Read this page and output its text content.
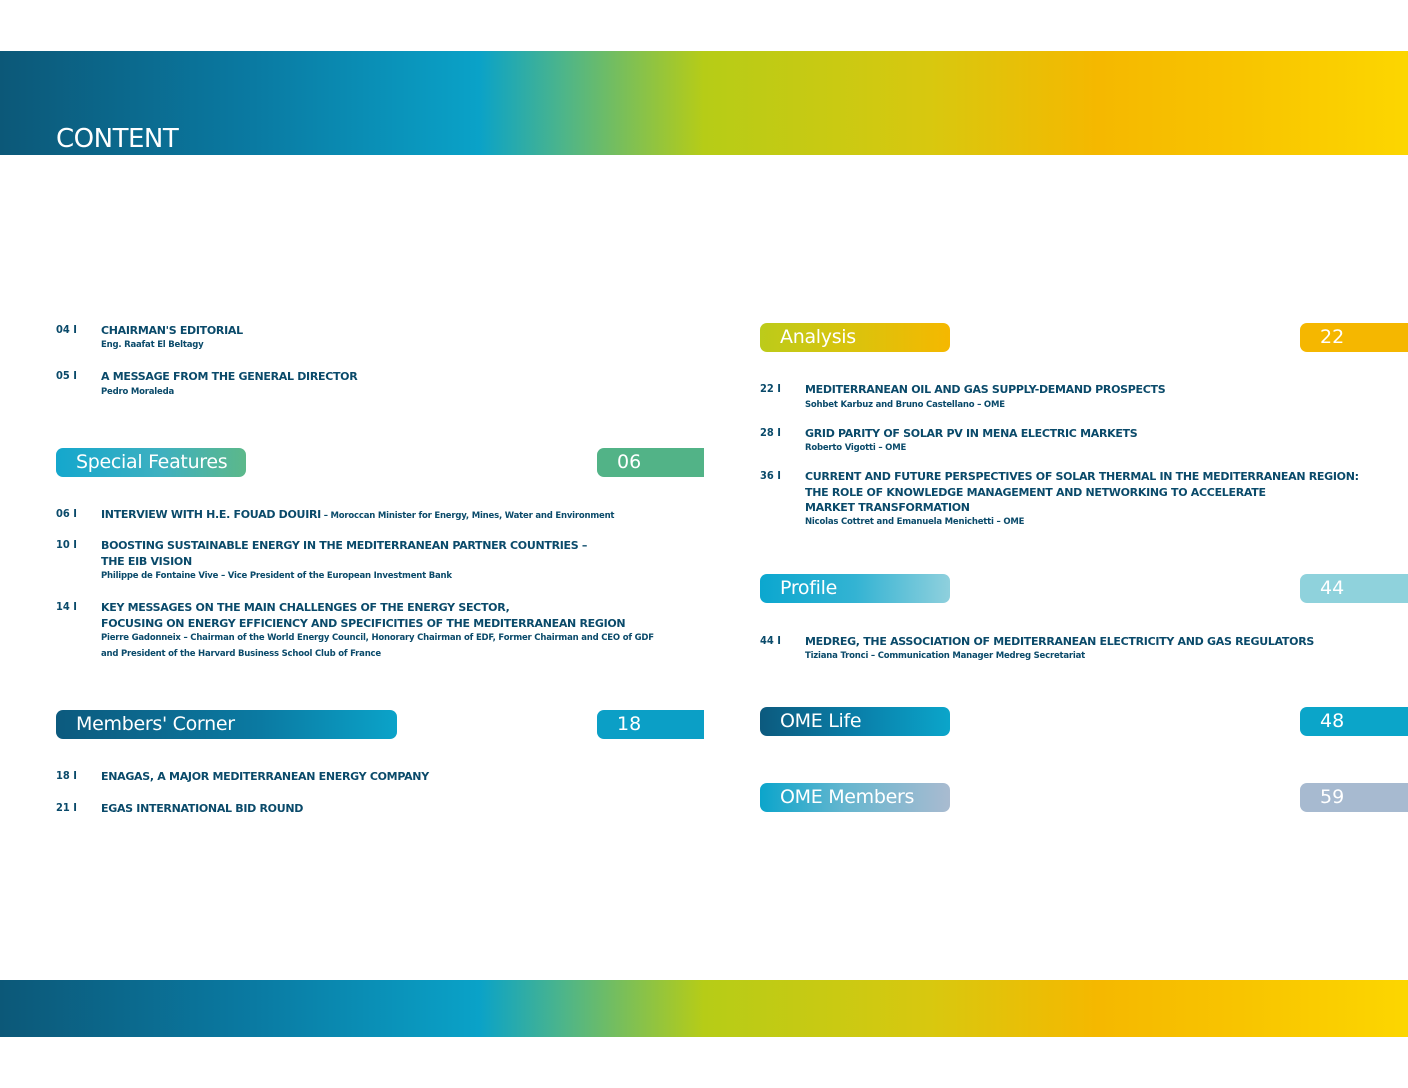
CONTENT
04 I CHAIRMAN'S EDITORIAL
Eng. Raafat El Beltagy
05 I A MESSAGE FROM THE GENERAL DIRECTOR
Pedro Moraleda
Special Features	06
06 I INTERVIEW WITH H.E. FOUAD DOUIRI – Moroccan Minister for Energy, Mines, Water and Environment
10 I BOOSTING SUSTAINABLE ENERGY IN THE MEDITERRANEAN PARTNER COUNTRIES –
THE EIB VISION
Philippe de Fontaine Vive – Vice President of the European Investment Bank
14 I KEY MESSAGES ON THE MAIN CHALLENGES OF THE ENERGY SECTOR,
FOCUSING ON ENERGY EFFICIENCY AND SPECIFICITIES OF THE MEDITERRANEAN REGION
Pierre Gadonneix – Chairman of the World Energy Council, Honorary Chairman of EDF, Former Chairman and CEO of GDF
and President of the Harvard Business School Club of France
Members' Corner	18
18 I ENAGAS, A MAJOR MEDITERRANEAN ENERGY COMPANY
21 I EGAS INTERNATIONAL BID ROUND
Analysis	22
22 I MEDITERRANEAN OIL AND GAS SUPPLY-DEMAND PROSPECTS
Sohbet Karbuz and Bruno Castellano – OME
28 I GRID PARITY OF SOLAR PV IN MENA ELECTRIC MARKETS
Roberto Vigotti – OME
36 I CURRENT AND FUTURE PERSPECTIVES OF SOLAR THERMAL IN THE MEDITERRANEAN REGION:
THE ROLE OF KNOWLEDGE MANAGEMENT AND NETWORKING TO ACCELERATE
MARKET TRANSFORMATION
Nicolas Cottret and Emanuela Menichetti – OME
Profile	44
44 I MEDREG, THE ASSOCIATION OF MEDITERRANEAN ELECTRICITY AND GAS REGULATORS
Tiziana Tronci – Communication Manager Medreg Secretariat
OME Life	48
OME Members	59
